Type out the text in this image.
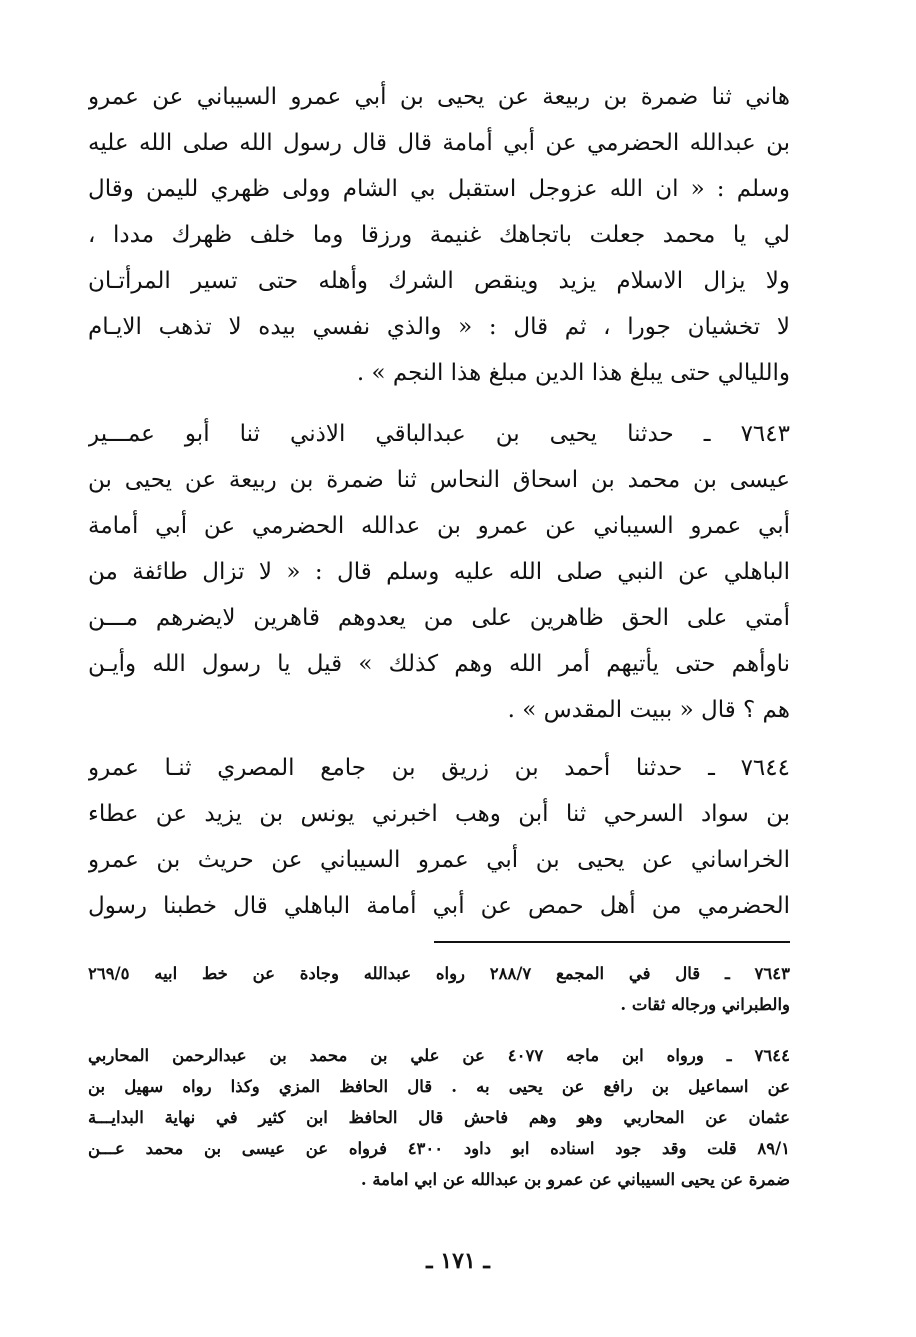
هاني ثنا ضمرة بن ربيعة عن يحيى بن أبي عمرو السيباني عن عمرو
بن عبدالله الحضرمي عن أبي أمامة قال قال رسول الله صلى الله عليه
وسلم : « ان الله عزوجل استقبل بي الشام وولى ظهري لليمن وقال
لي يا محمد جعلت باتجاهك غنيمة ورزقا وما خلف ظهرك مددا ،
ولا يزال الاسلام يزيد وينقص الشرك وأهله حتى تسير المرأتـان
لا تخشيان جورا ، ثم قال : « والذي نفسي بيده لا تذهب الايـام
والليالي حتى يبلغ هذا الدين مبلغ هذا النجم » .
٧٦٤٣ ـ حدثنا يحيى بن عبدالباقي الاذني ثنا أبو عمـــير
عيسى بن محمد بن اسحاق النحاس ثنا ضمرة بن ربيعة عن يحيى بن
أبي عمرو السيباني عن عمرو بن عدالله الحضرمي عن أبي أمامة
الباهلي عن النبي صلى الله عليه وسلم قال : « لا تزال طائفة من
أمتي على الحق ظاهرين على من يعدوهم قاهرين لايضرهم مـــن
ناوأهم حتى يأتيهم أمر الله وهم كذلك » قيل يا رسول الله وأيـن
هم ؟ قال « ببيت المقدس » .
٧٦٤٤ ـ حدثنا أحمد بن زريق بن جامع المصري ثنـا عمرو
بن سواد السرحي ثنا أبن وهب اخبرني يونس بن يزيد عن عطاء
الخراساني عن يحيى بن أبي عمرو السيباني عن حريث بن عمرو
الحضرمي من أهل حمص عن أبي أمامة الباهلي قال خطبنا رسول
٧٦٤٣ ـ قال في المجمع ٢٨٨/٧ رواه عبدالله وجادة عن خط ابيه ٢٦٩/٥
والطبراني ورجاله ثقات .
٧٦٤٤ ـ ورواه ابن ماجه ٤٠٧٧ عن علي بن محمد بن عبدالرحمن المحاربي
عن اسماعيل بن رافع عن يحيى به . قال الحافظ المزي وكذا رواه سهيل بن
عثمان عن المحاربي وهو وهم فاحش قال الحافظ ابن كثير في نهاية البدايـــة
٨٩/١ قلت وقد جود اسناده ابو داود ٤٣٠٠ فرواه عن عيسى بن محمد عـــن
ضمرة عن يحيى السيباني عن عمرو بن عبدالله عن ابي امامة .
ـ ١٧١ ـ
